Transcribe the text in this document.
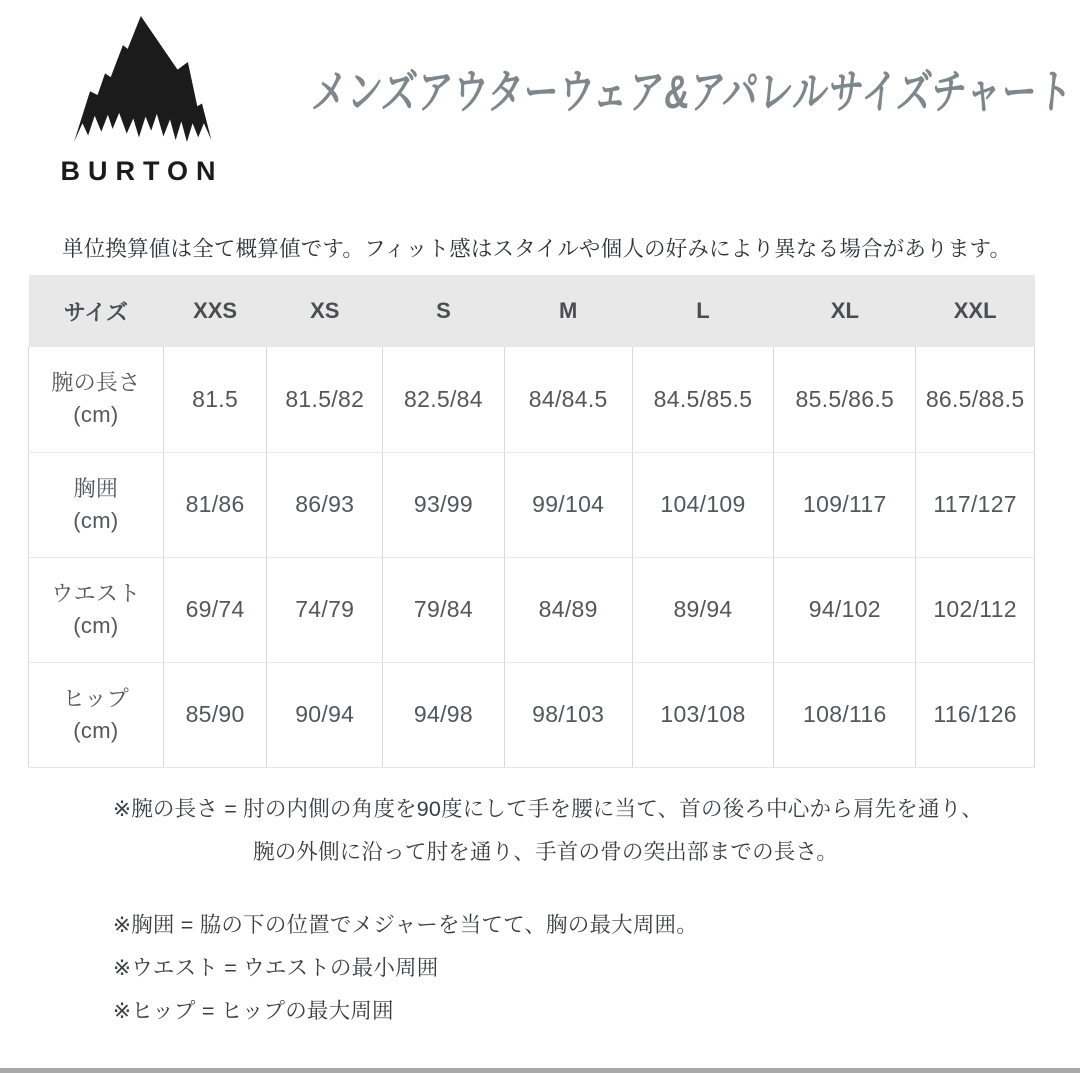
BURTON
メンズアウターウェア&アパレルサイズチャート

単位換算値は全て概算値です。フィット感はスタイルや個人の好みにより異なる場合があります。

サイズ	XXS	XS	S	M	L	XL	XXL

腕の長さ
(cm)	81.5	81.5/82	82.5/84	84/84.5	84.5/85.5	85.5/86.5	86.5/88.5

胸囲
(cm)	81/86	86/93	93/99	99/104	104/109	109/117	117/127

ウエスト
(cm)	69/74	74/79	79/84	84/89	89/94	94/102	102/112

ヒップ
(cm)	85/90	90/94	94/98	98/103	103/108	108/116	116/126

※腕の長さ = 肘の内側の角度を90度にして手を腰に当て、首の後ろ中心から肩先を通り、

腕の外側に沿って肘を通り、手首の骨の突出部までの長さ。

※胸囲 = 脇の下の位置でメジャーを当てて、胸の最大周囲。

※ウエスト = ウエストの最小周囲

※ヒップ = ヒップの最大周囲
